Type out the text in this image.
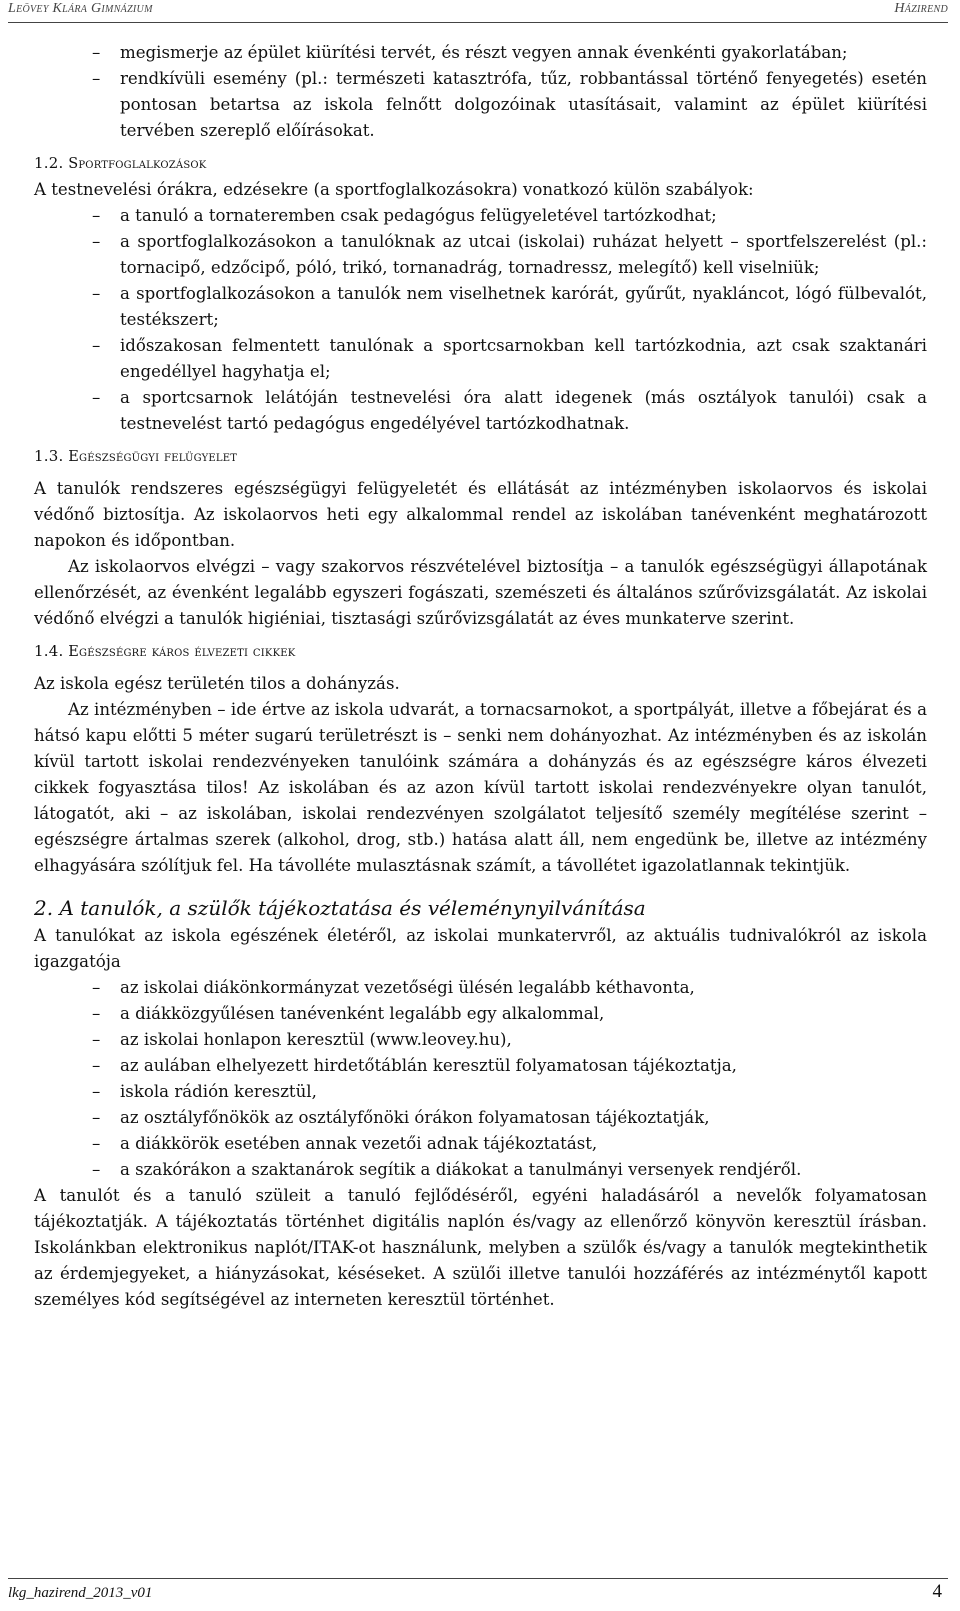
Leövey Klára Gimnázium	Házirend
– megismerje az épület kiürítési tervét, és részt vegyen annak évenkénti gyakorlatában;
– rendkívüli esemény (pl.: természeti katasztrófa, tűz, robbantással történő fenyegetés) esetén pontosan betartsa az iskola felnőtt dolgozóinak utasításait, valamint az épület kiürítési tervében szereplő előírásokat.
1.2. Sportfoglalkozások

A testnevelési órákra, edzésekre (a sportfoglalkozásokra) vonatkozó külön szabályok:

– a tanuló a tornateremben csak pedagógus felügyeletével tartózkodhat;
– a sportfoglalkozásokon a tanulóknak az utcai (iskolai) ruházat helyett – sportfelszerelést (pl.: tornacipő, edzőcipő, póló, trikó, tornanadrág, tornadressz, melegítő) kell viselniük;
– a sportfoglalkozásokon a tanulók nem viselhetnek karórát, gyűrűt, nyakláncot, lógó fülbevalót, testékszert;
– időszakosan felmentett tanulónak a sportcsarnokban kell tartózkodnia, azt csak szaktanári engedéllyel hagyhatja el;
– a sportcsarnok lelátóján testnevelési óra alatt idegenek (más osztályok tanulói) csak a testnevelést tartó pedagógus engedélyével tartózkodhatnak.
1.3. Egészségügyi felügyelet

A tanulók rendszeres egészségügyi felügyeletét és ellátását az intézményben iskolaorvos és iskolai védőnő biztosítja. Az iskolaorvos heti egy alkalommal rendel az iskolában tanévenként meghatározott napokon és időpontban.

Az iskolaorvos elvégzi – vagy szakorvos részvételével biztosítja – a tanulók egészségügyi állapotának ellenőrzését, az évenként legalább egyszeri fogászati, szemészeti és általános szűrővizsgálatát. Az iskolai védőnő elvégzi a tanulók higiéniai, tisztasági szűrővizsgálatát az éves munkaterve szerint.

1.4. Egészségre káros élvezeti cikkek

Az iskola egész területén tilos a dohányzás.

Az intézményben – ide értve az iskola udvarát, a tornacsarnokot, a sportpályát, illetve a főbejárat és a hátsó kapu előtti 5 méter sugarú területrészt is – senki nem dohányozhat. Az intézményben és az iskolán kívül tartott iskolai rendezvényeken tanulóink számára a dohányzás és az egészségre káros élvezeti cikkek fogyasztása tilos! Az iskolában és az azon kívül tartott iskolai rendezvényekre olyan tanulót, látogatót, aki – az iskolában, iskolai rendezvényen szolgálatot teljesítő személy megítélése szerint – egészségre ártalmas szerek (alkohol, drog, stb.) hatása alatt áll, nem engedünk be, illetve az intézmény elhagyására szólítjuk fel. Ha távolléte mulasztásnak számít, a távollétet igazolatlannak tekintjük.

2. A tanulók, a szülők tájékoztatása és véleménynyilvánítása

A tanulókat az iskola egészének életéről, az iskolai munkatervről, az aktuális tudnivalókról az iskola igazgatója

– az iskolai diákönkormányzat vezetőségi ülésén legalább kéthavonta,
– a diákközgyűlésen tanévenként legalább egy alkalommal,
– az iskolai honlapon keresztül (www.leovey.hu),
– az aulában elhelyezett hirdetőtáblán keresztül folyamatosan tájékoztatja,
– iskola rádión keresztül,
– az osztályfőnökök az osztályfőnöki órákon folyamatosan tájékoztatják,
– a diákkörök esetében annak vezetői adnak tájékoztatást,
– a szakórákon a szaktanárok segítik a diákokat a tanulmányi versenyek rendjéről.

A tanulót és a tanuló szüleit a tanuló fejlődéséről, egyéni haladásáról a nevelők folyamatosan tájékoztatják. A tájékoztatás történhet digitális naplón és/vagy az ellenőrző könyvön keresztül írásban. Iskolánkban elektronikus naplót/ITAK-ot használunk, melyben a szülők és/vagy a tanulók megtekinthetik az érdemjegyeket, a hiányzásokat, késéseket. A szülői illetve tanulói hozzáférés az intézménytől kapott személyes kód segítségével az interneten keresztül történhet.

lkg_hazirend_2013_v01	4
